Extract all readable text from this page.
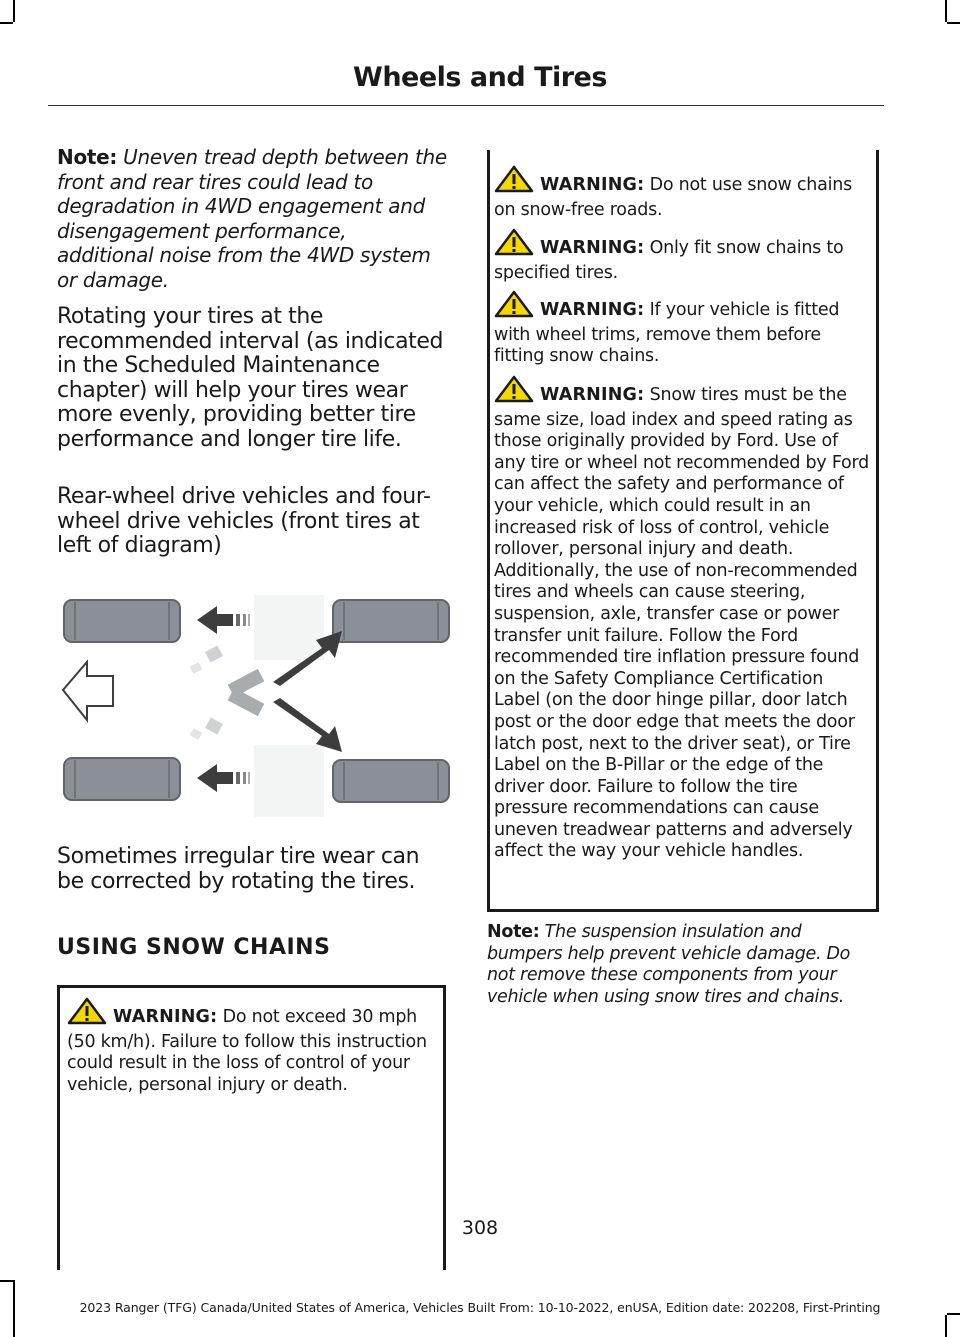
Wheels and Tires

Note: Uneven tread depth between the front and rear tires could lead to degradation in 4WD engagement and disengagement performance, additional noise from the 4WD system or damage.

Rotating your tires at the recommended interval (as indicated in the Scheduled Maintenance chapter) will help your tires wear more evenly, providing better tire performance and longer tire life.

Rear-wheel drive vehicles and four-wheel drive vehicles (front tires at left of diagram)

Sometimes irregular tire wear can be corrected by rotating the tires.

USING SNOW CHAINS

WARNING: Do not exceed 30 mph (50 km/h). Failure to follow this instruction could result in the loss of control of your vehicle, personal injury or death.

WARNING: Do not use snow chains on snow-free roads.

WARNING: Only fit snow chains to specified tires.

WARNING: If your vehicle is fitted with wheel trims, remove them before fitting snow chains.

WARNING: Snow tires must be the same size, load index and speed rating as those originally provided by Ford. Use of any tire or wheel not recommended by Ford can affect the safety and performance of your vehicle, which could result in an increased risk of loss of control, vehicle rollover, personal injury and death. Additionally, the use of non-recommended tires and wheels can cause steering, suspension, axle, transfer case or power transfer unit failure. Follow the Ford recommended tire inflation pressure found on the Safety Compliance Certification Label (on the door hinge pillar, door latch post or the door edge that meets the door latch post, next to the driver seat), or Tire Label on the B-Pillar or the edge of the driver door. Failure to follow the tire pressure recommendations can cause uneven treadwear patterns and adversely affect the way your vehicle handles.

Note: The suspension insulation and bumpers help prevent vehicle damage. Do not remove these components from your vehicle when using snow tires and chains.

308
2023 Ranger (TFG) Canada/United States of America, Vehicles Built From: 10-10-2022, enUSA, Edition date: 202208, First-Printing
